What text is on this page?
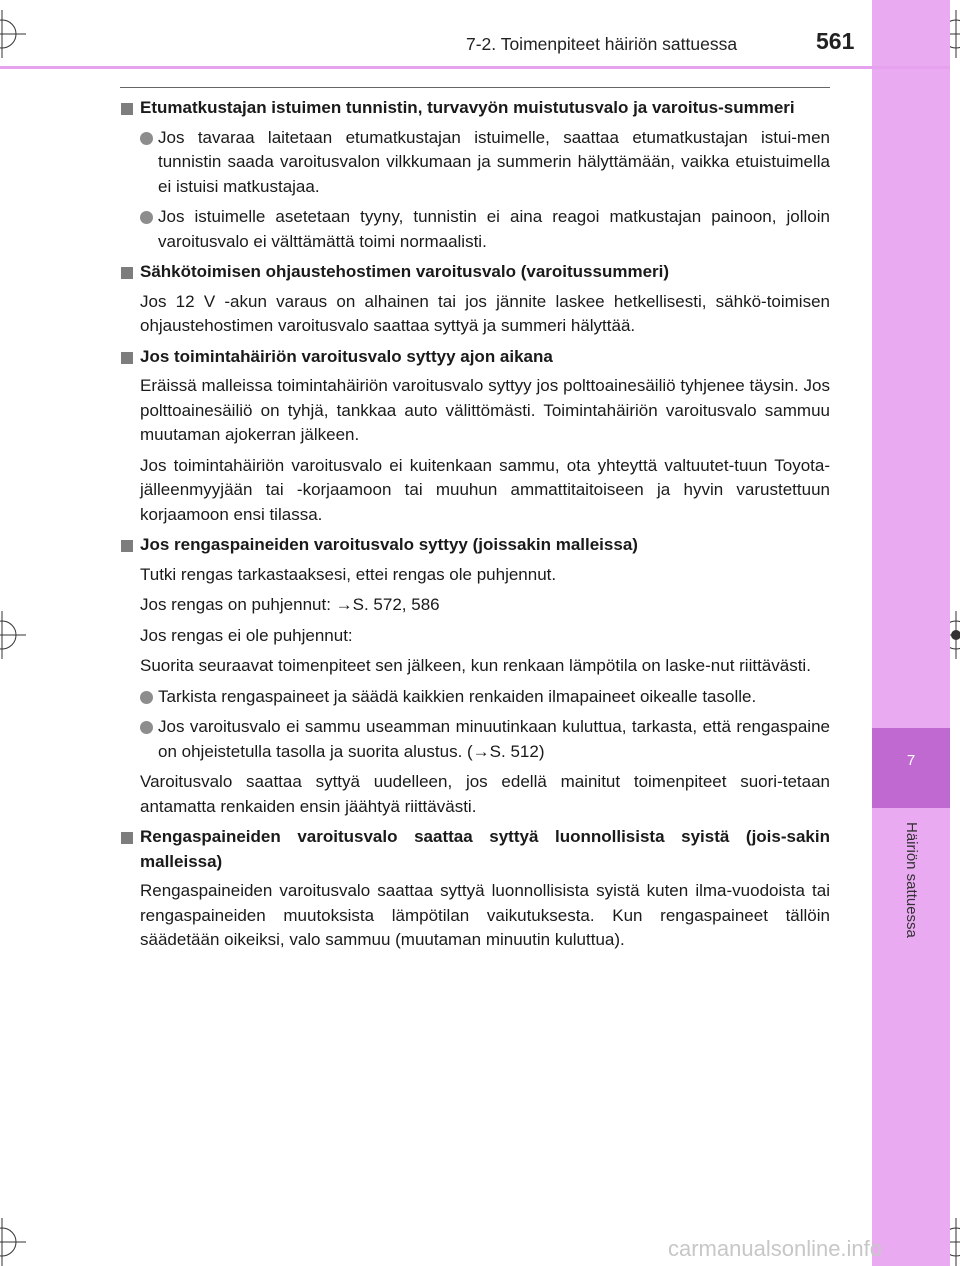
7
Häiriön sattuessa
7-2. Toimenpiteet häiriön sattuessa	561
Etumatkustajan istuimen tunnistin, turvavyön muistutusvalo ja varoitus-summeri
Jos tavaraa laitetaan etumatkustajan istuimelle, saattaa etumatkustajan istui-men tunnistin saada varoitusvalon vilkkumaan ja summerin hälyttämään, vaikka etuistuimella ei istuisi matkustajaa.
Jos istuimelle asetetaan tyyny, tunnistin ei aina reagoi matkustajan painoon, jolloin varoitusvalo ei välttämättä toimi normaalisti.
Sähkötoimisen ohjaustehostimen varoitusvalo (varoitussummeri)
Jos 12 V -akun varaus on alhainen tai jos jännite laskee hetkellisesti, sähkö-toimisen ohjaustehostimen varoitusvalo saattaa syttyä ja summeri hälyttää.
Jos toimintahäiriön varoitusvalo syttyy ajon aikana
Eräissä malleissa toimintahäiriön varoitusvalo syttyy jos polttoainesäiliö tyhjenee täysin. Jos polttoainesäiliö on tyhjä, tankkaa auto välittömästi. Toimintahäiriön varoitusvalo sammuu muutaman ajokerran jälkeen.
Jos toimintahäiriön varoitusvalo ei kuitenkaan sammu, ota yhteyttä valtuutet-tuun Toyota-jälleenmyyjään tai -korjaamoon tai muuhun ammattitaitoiseen ja hyvin varustettuun korjaamoon ensi tilassa.
Jos rengaspaineiden varoitusvalo syttyy (joissakin malleissa)
Tutki rengas tarkastaaksesi, ettei rengas ole puhjennut.
Jos rengas on puhjennut: →S. 572, 586
Jos rengas ei ole puhjennut:
Suorita seuraavat toimenpiteet sen jälkeen, kun renkaan lämpötila on laske-nut riittävästi.
Tarkista rengaspaineet ja säädä kaikkien renkaiden ilmapaineet oikealle tasolle.
Jos varoitusvalo ei sammu useamman minuutinkaan kuluttua, tarkasta, että rengaspaine on ohjeistetulla tasolla ja suorita alustus. (→S. 512)
Varoitusvalo saattaa syttyä uudelleen, jos edellä mainitut toimenpiteet suori-tetaan antamatta renkaiden ensin jäähtyä riittävästi.
Rengaspaineiden varoitusvalo saattaa syttyä luonnollisista syistä (jois-sakin malleissa)
Rengaspaineiden varoitusvalo saattaa syttyä luonnollisista syistä kuten ilma-vuodoista tai rengaspaineiden muutoksista lämpötilan vaikutuksesta. Kun rengaspaineet tällöin säädetään oikeiksi, valo sammuu (muutaman minuutin kuluttua).
carmanualsonline.info
